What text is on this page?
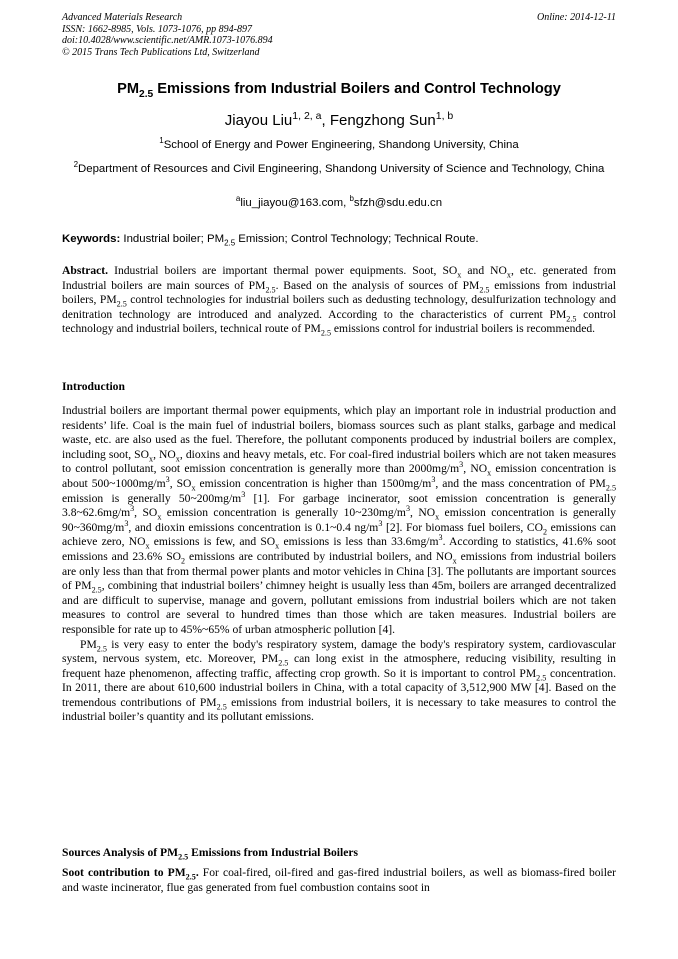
Advanced Materials Research
ISSN: 1662-8985, Vols. 1073-1076, pp 894-897
doi:10.4028/www.scientific.net/AMR.1073-1076.894
© 2015 Trans Tech Publications Ltd, Switzerland
Online: 2014-12-11
$PM_{2.5}$ Emissions from Industrial Boilers and Control Technology
Jiayou Liu$^{1, 2, a}$, Fengzhong Sun$^{1, b}$
$^1$School of Energy and Power Engineering, Shandong University, China
$^2$Department of Resources and Civil Engineering, Shandong University of Science and Technology, China
$^a$liu_jiayou@163.com, $^b$sfzh@sdu.edu.cn
Keywords: Industrial boiler; $PM_{2.5}$ Emission; Control Technology; Technical Route.
Abstract. Industrial boilers are important thermal power equipments. Soot, $SO_x$ and $NO_x$, etc. generated from Industrial boilers are main sources of $PM_{2.5}$. Based on the analysis of sources of $PM_{2.5}$ emissions from industrial boilers, $PM_{2.5}$ control technologies for industrial boilers such as dedusting technology, desulfurization technology and denitration technology are introduced and analyzed. According to the characteristics of current $PM_{2.5}$ control technology and industrial boilers, technical route of $PM_{2.5}$ emissions control for industrial boilers is recommended.
Introduction

Industrial boilers are important thermal power equipments, which play an important role in industrial production and residents’ life. Coal is the main fuel of industrial boilers, biomass sources such as plant stalks, garbage and medical waste, etc. are also used as the fuel. Therefore, the pollutant components produced by industrial boilers are complex, including soot, $SO_x$, $NO_x$, dioxins and heavy metals, etc. For coal-fired industrial boilers which are not taken measures to control pollutant, soot emission concentration is generally more than $2000mg/m^3$, $NO_x$ emission concentration is about $500\sim 1000mg/m^3$, $SO_x$ emission concentration is higher than $1500mg/m^3$, and the mass concentration of $PM_{2.5}$ emission is generally $50\sim 200mg/m^3$ [1]. For garbage incinerator, soot emission concentration is generally $3.8\sim 62.6mg/m^3$, $SO_x$ emission concentration is generally $10\sim 230mg/m^3$, $NO_x$ emission concentration is generally $90\sim 360mg/m^3$, and dioxin emissions concentration is 0.1~0.4 $ng/m^3$ [2]. For biomass fuel boilers, $CO_2$ emissions can achieve zero, $NO_x$ emissions is few, and $SO_x$ emissions is less than $33.6mg/m^3$. According to statistics, 41.6% soot emissions and 23.6% $SO_2$ emissions are contributed by industrial boilers, and $NO_x$ emissions from industrial boilers are only less than that from thermal power plants and motor vehicles in China [3]. The pollutants are important sources of $PM_{2.5}$, combining that industrial boilers’ chimney height is usually less than 45m, boilers are arranged decentralized and are difficult to supervise, manage and govern, pollutant emissions from industrial boilers which are not taken measures to control are several to hundred times than those which are taken measures. Industrial boilers are responsible for rate up to 45%~65% of urban atmospheric pollution [4].

$PM_{2.5}$ is very easy to enter the body's respiratory system, damage the body's respiratory system, cardiovascular system, nervous system, etc. Moreover, $PM_{2.5}$ can long exist in the atmosphere, reducing visibility, resulting in frequent haze phenomenon, affecting traffic, affecting crop growth. So it is important to control $PM_{2.5}$ concentration. In 2011, there are about 610,600 industrial boilers in China, with a total capacity of 3,512,900 MW [4]. Based on the tremendous contributions of $PM_{2.5}$ emissions from industrial boilers, it is necessary to take measures to control the industrial boiler’s quantity and its pollutant emissions.

Sources Analysis of $PM_{2.5}$ Emissions from Industrial Boilers
Soot contribution to $PM_{2.5}$. For coal-fired, oil-fired and gas-fired industrial boilers, as well as biomass-fired boiler and waste incinerator, flue gas generated from fuel combustion contains soot in
